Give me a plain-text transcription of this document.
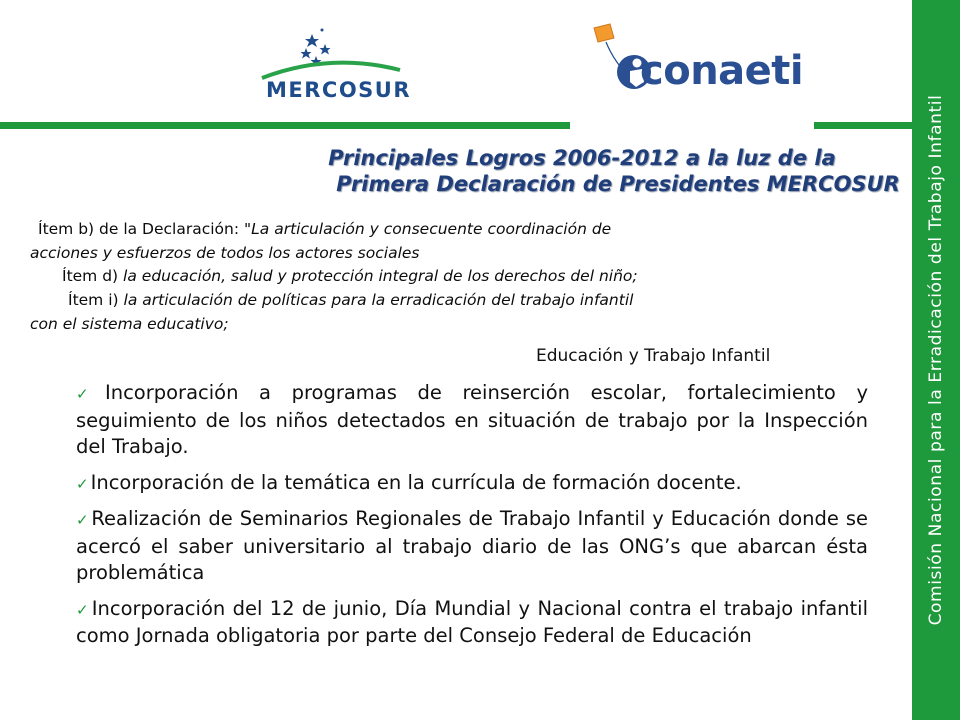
Comisión Nacional para la Erradicación del Trabajo Infantil
MERCOSUR	conaeti
Principales Logros 2006-2012 a la luz de la
Primera Declaración de Presidentes MERCOSUR
Ítem b) de la Declaración: "La articulación y consecuente coordinación de
acciones y esfuerzos de todos los actores sociales
Ítem d) la educación, salud y protección integral de los derechos del niño;
Ítem i) la articulación de políticas para la erradicación del trabajo infantil
con el sistema educativo;
Educación y Trabajo Infantil
✓ Incorporación a programas de reinserción escolar, fortalecimiento y seguimiento de los niños detectados en situación de trabajo por la Inspección del Trabajo.
✓ Incorporación de la temática en la currícula de formación docente.
✓ Realización de Seminarios Regionales de Trabajo Infantil y Educación donde se acercó el saber universitario al trabajo diario de las ONG’s que abarcan ésta problemática
✓ Incorporación del 12 de junio, Día Mundial y Nacional contra el trabajo infantil como Jornada obligatoria por parte del Consejo Federal de Educación
